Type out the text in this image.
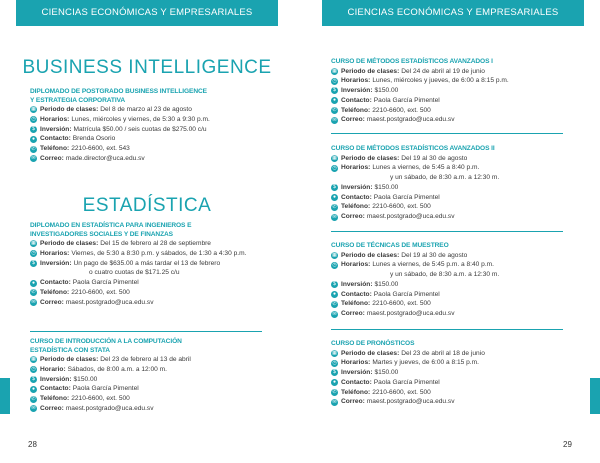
CIENCIAS ECONÓMICAS Y EMPRESARIALES	CIENCIAS ECONÓMICAS Y EMPRESARIALES
BUSINESS INTELLIGENCE
ESTADÍSTICA
DIPLOMADO DE POSTGRADO BUSINESS INTELLIGENCE
Y ESTRATEGIA CORPORATIVA
▦ Periodo de clases: Del 8 de marzo al 23 de agosto
◷ Horarios: Lunes, miércoles y viernes, de 5:30 a 9:30 p.m.
$ Inversión: Matrícula $50.00 / seis cuotas de $275.00 c/u
● Contacto: Brenda Osorio
✆ Teléfono: 2210-6600, ext. 543
✉ Correo: made.director@uca.edu.sv
DIPLOMADO EN ESTADÍSTICA PARA INGENIEROS E
INVESTIGADORES SOCIALES Y DE FINANZAS
▦ Periodo de clases: Del 15 de febrero al 28 de septiembre
◷ Horarios: Viernes, de 5:30 a 8:30 p.m. y sábados, de 1:30 a 4:30 p.m.
$ Inversión: Un pago de $635.00 a más tardar el 13 de febrero
o cuatro cuotas de $171.25 c/u
● Contacto: Paola García Pimentel
✆ Teléfono: 2210-6600, ext. 500
✉ Correo: maest.postgrado@uca.edu.sv
CURSO DE INTRODUCCIÓN A LA COMPUTACIÓN
ESTADÍSTICA CON STATA
▦ Periodo de clases: Del 23 de febrero al 13 de abril
◷ Horario: Sábados, de 8:00 a.m. a 12:00 m.
$ Inversión: $150.00
● Contacto: Paola García Pimentel
✆ Teléfono: 2210-6600, ext. 500
✉ Correo: maest.postgrado@uca.edu.sv
CURSO DE MÉTODOS ESTADÍSTICOS AVANZADOS I
▦ Periodo de clases: Del 24 de abril al 19 de junio
◷ Horarios: Lunes, miércoles y jueves, de 6:00 a 8:15 p.m.
$ Inversión: $150.00
● Contacto: Paola García Pimentel
✆ Teléfono: 2210-6600, ext. 500
✉ Correo: maest.postgrado@uca.edu.sv
CURSO DE MÉTODOS ESTADÍSTICOS AVANZADOS II
▦ Periodo de clases: Del 19 al 30 de agosto
◷ Horarios: Lunes a viernes, de 5:45 a 8:40 p.m.
y un sábado, de 8:30 a.m. a 12:30 m.
$ Inversión: $150.00
● Contacto: Paola García Pimentel
✆ Teléfono: 2210-6600, ext. 500
✉ Correo: maest.postgrado@uca.edu.sv
CURSO DE TÉCNICAS DE MUESTREO
▦ Periodo de clases: Del 19 al 30 de agosto
◷ Horarios: Lunes a viernes, de 5:45 p.m. a 8:40 p.m.
y un sábado, de 8:30 a.m. a 12:30 m.
$ Inversión: $150.00
● Contacto: Paola García Pimentel
✆ Teléfono: 2210-6600, ext. 500
✉ Correo: maest.postgrado@uca.edu.sv
CURSO DE PRONÓSTICOS
▦ Periodo de clases: Del 23 de abril al 18 de junio
◷ Horarios: Martes y jueves, de 6:00 a 8:15 p.m.
$ Inversión: $150.00
● Contacto: Paola García Pimentel
✆ Teléfono: 2210-6600, ext. 500
✉ Correo: maest.postgrado@uca.edu.sv
28	29
